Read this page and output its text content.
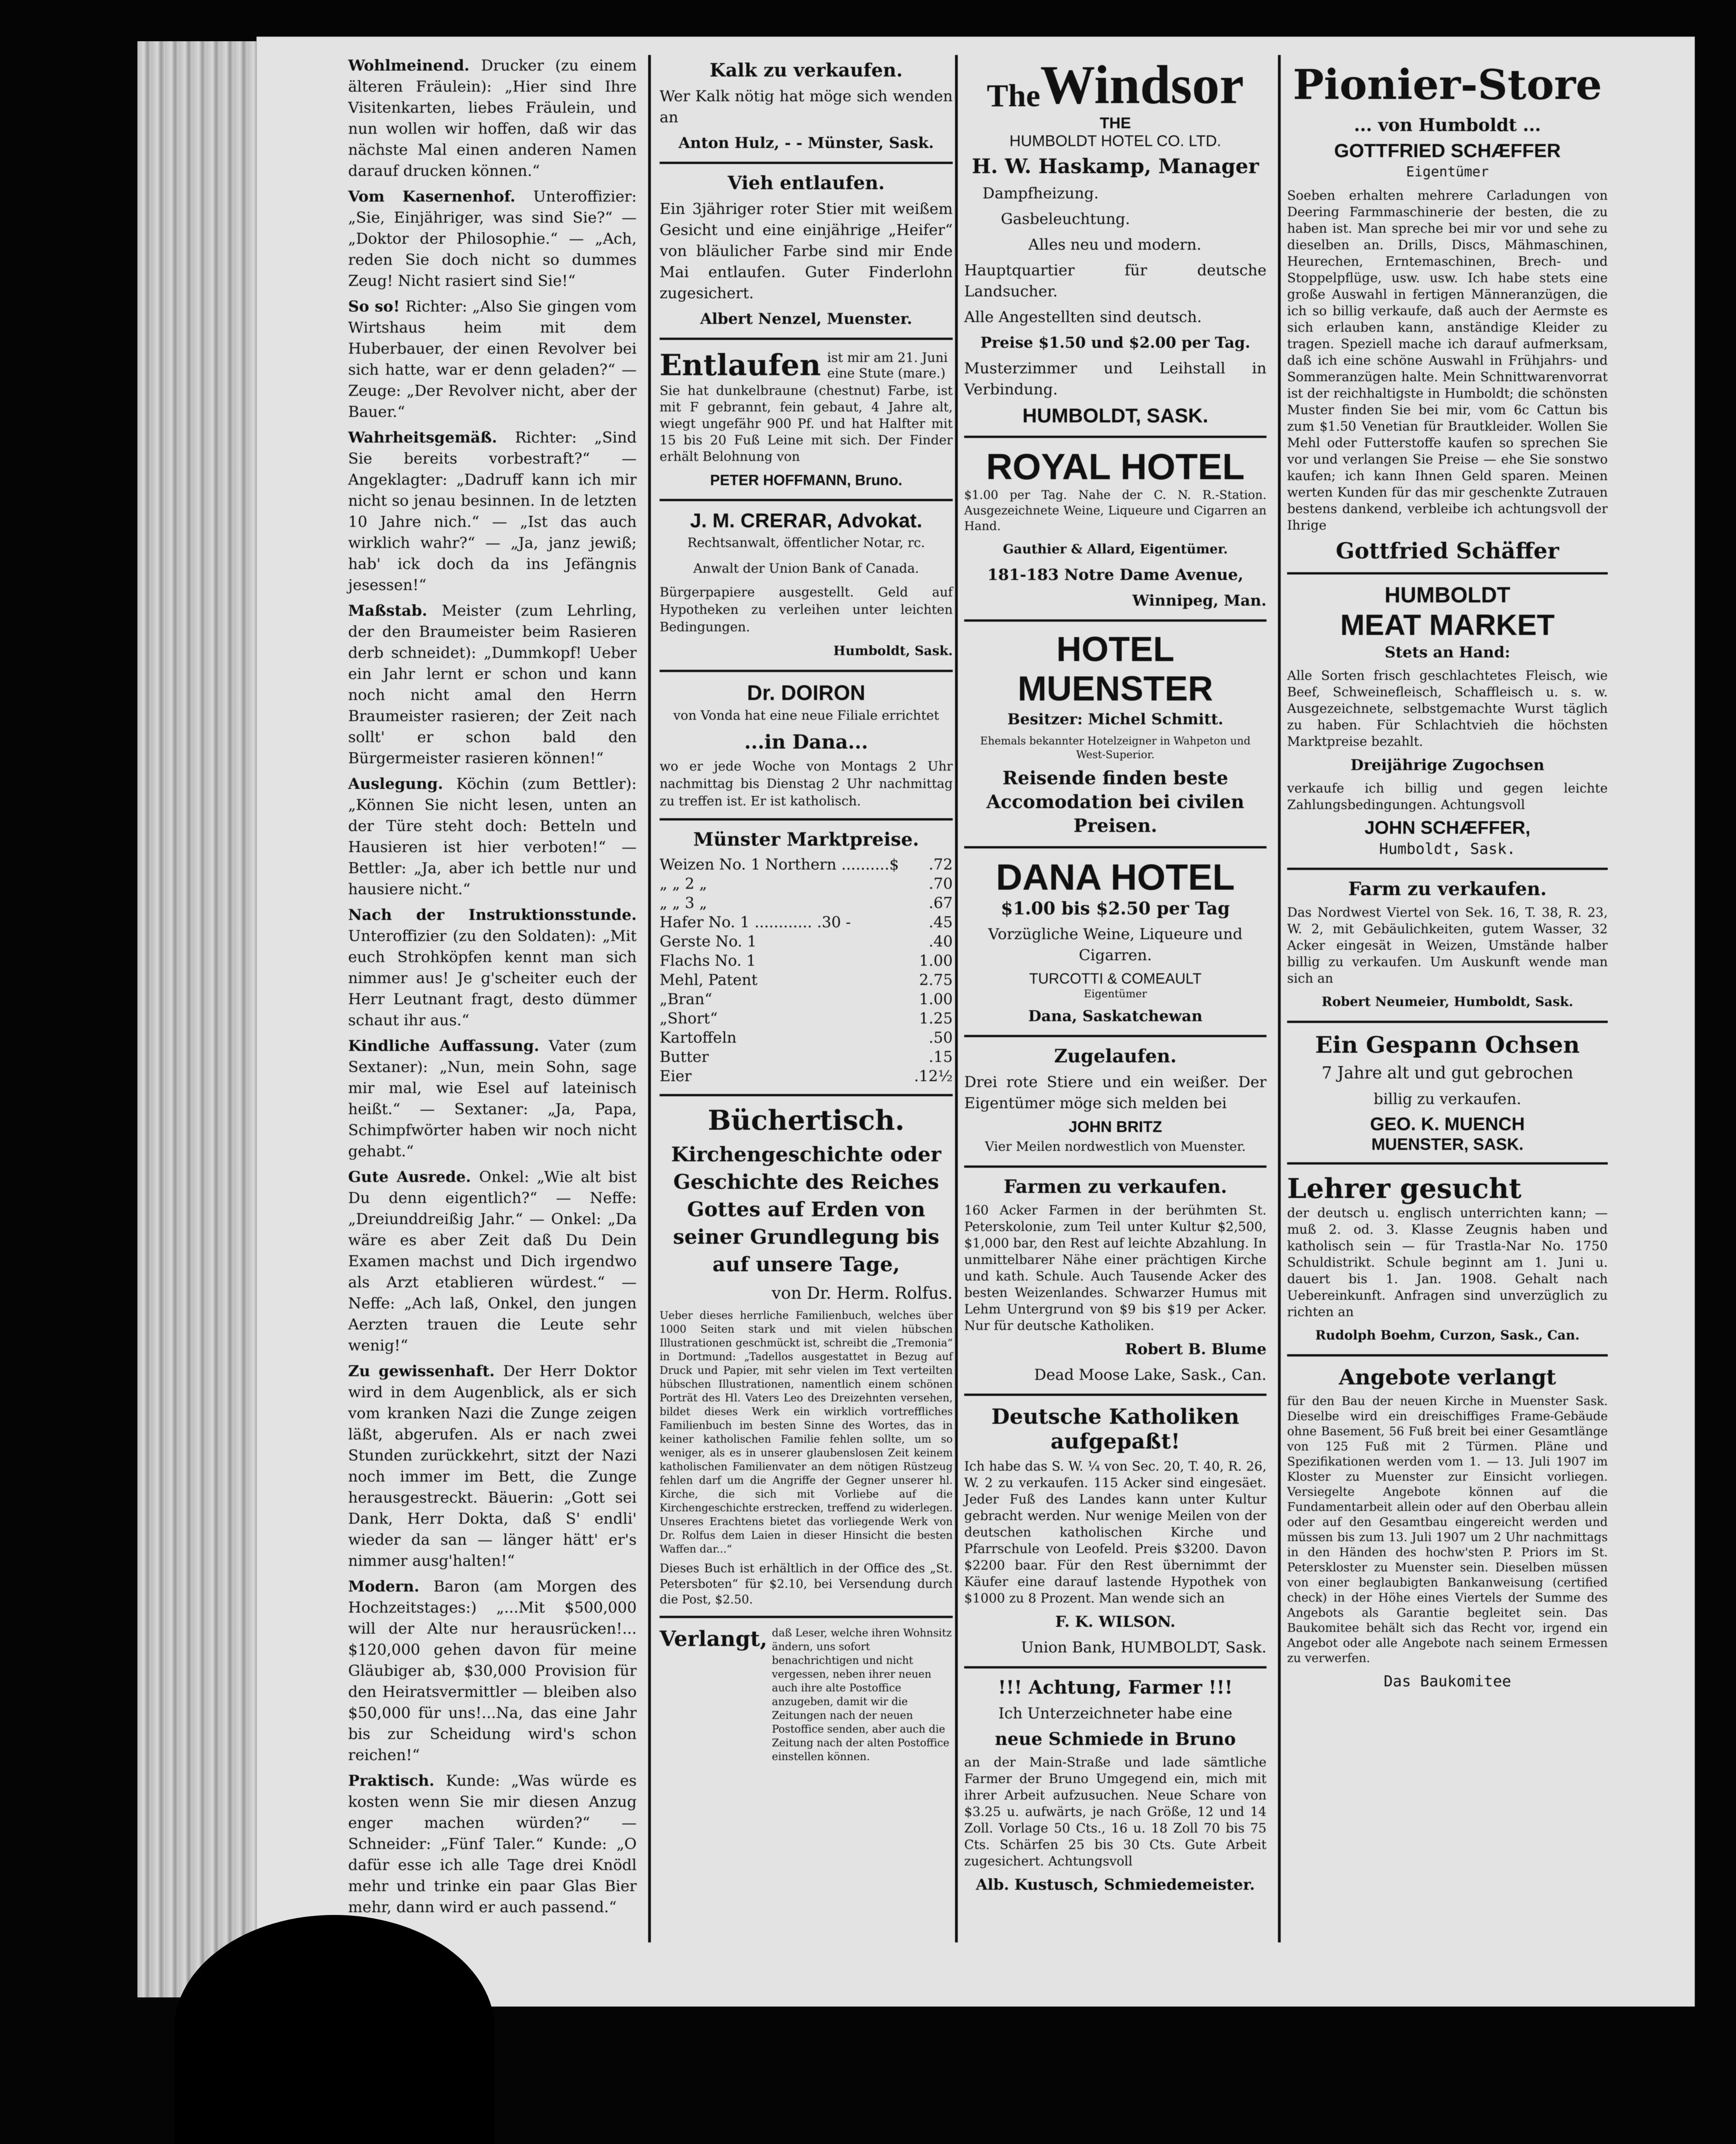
Wohlmeinend. Drucker (zu einem älteren Fräulein): „Hier sind Ihre Visitenkarten, liebes Fräulein, und nun wollen wir hoffen, daß wir das nächste Mal einen anderen Namen darauf drucken können.“

Vom Kasernenhof. Unteroffizier: „Sie, Einjähriger, was sind Sie?“ — „Doktor der Philosophie.“ — „Ach, reden Sie doch nicht so dummes Zeug! Nicht rasiert sind Sie!“

So so! Richter: „Also Sie gingen vom Wirtshaus heim mit dem Huberbauer, der einen Revolver bei sich hatte, war er denn geladen?“ — Zeuge: „Der Revolver nicht, aber der Bauer.“

Wahrheitsgemäß. Richter: „Sind Sie bereits vorbestraft?“ — Angeklagter: „Dadruff kann ich mir nicht so jenau besinnen. In de letzten 10 Jahre nich.“ — „Ist das auch wirklich wahr?“ — „Ja, janz jewiß; hab' ick doch da ins Jefängnis jesessen!“

Maßstab. Meister (zum Lehrling, der den Braumeister beim Rasieren derb schneidet): „Dummkopf! Ueber ein Jahr lernt er schon und kann noch nicht amal den Herrn Braumeister rasieren; der Zeit nach sollt' er schon bald den Bürgermeister rasieren können!“

Auslegung. Köchin (zum Bettler): „Können Sie nicht lesen, unten an der Türe steht doch: Betteln und Hausieren ist hier verboten!“ — Bettler: „Ja, aber ich bettle nur und hausiere nicht.“

Nach der Instruktionsstunde. Unteroffizier (zu den Soldaten): „Mit euch Strohköpfen kennt man sich nimmer aus! Je g'scheiter euch der Herr Leutnant fragt, desto dümmer schaut ihr aus.“

Kindliche Auffassung. Vater (zum Sextaner): „Nun, mein Sohn, sage mir mal, wie Esel auf lateinisch heißt.“ — Sextaner: „Ja, Papa, Schimpfwörter haben wir noch nicht gehabt.“

Gute Ausrede. Onkel: „Wie alt bist Du denn eigentlich?“ — Neffe: „Dreiunddreißig Jahr.“ — Onkel: „Da wäre es aber Zeit daß Du Dein Examen machst und Dich irgendwo als Arzt etablieren würdest.“ — Neffe: „Ach laß, Onkel, den jungen Aerzten trauen die Leute sehr wenig!“

Zu gewissenhaft. Der Herr Doktor wird in dem Augenblick, als er sich vom kranken Nazi die Zunge zeigen läßt, abgerufen. Als er nach zwei Stunden zurückkehrt, sitzt der Nazi noch immer im Bett, die Zunge herausgestreckt. Bäuerin: „Gott sei Dank, Herr Dokta, daß S' endli' wieder da san — länger hätt' er's nimmer ausg'halten!“

Modern. Baron (am Morgen des Hochzeitstages:) „...Mit $500,000 will der Alte nur herausrücken!... $120,000 gehen davon für meine Gläubiger ab, $30,000 Provision für den Heiratsvermittler — bleiben also $50,000 für uns!...Na, das eine Jahr bis zur Scheidung wird's schon reichen!“

Praktisch. Kunde: „Was würde es kosten wenn Sie mir diesen Anzug enger machen würden?“ — Schneider: „Fünf Taler.“ Kunde: „O dafür esse ich alle Tage drei Knödl mehr und trinke ein paar Glas Bier mehr, dann wird er auch passend.“

Kalk zu verkaufen.

Wer Kalk nötig hat möge sich wenden an

Anton Hulz, - - Münster, Sask.

Vieh entlaufen.

Ein 3jähriger roter Stier mit weißem Gesicht und eine einjährige „Heifer“ von bläulicher Farbe sind mir Ende Mai entlaufen. Guter Finderlohn zugesichert.

Albert Nenzel, Muenster.

Entlaufen ist mir am 21. Juni eine Stute (mare.)

Sie hat dunkelbraune (chestnut) Farbe, ist mit F gebrannt, fein gebaut, 4 Jahre alt, wiegt ungefähr 900 Pf. und hat Halfter mit 15 bis 20 Fuß Leine mit sich. Der Finder erhält Belohnung von

PETER HOFFMANN, Bruno.

J. M. CRERAR, Advokat.

Rechtsanwalt, öffentlicher Notar, rc.

Anwalt der Union Bank of Canada.

Bürgerpapiere ausgestellt. Geld auf Hypotheken zu verleihen unter leichten Bedingungen.

Humboldt, Sask.

Dr. DOIRON

von Vonda hat eine neue Filiale errichtet

...in Dana...

wo er jede Woche von Montags 2 Uhr nachmittag bis Dienstag 2 Uhr nachmittag zu treffen ist. Er ist katholisch.

Münster Marktpreise.
Weizen No. 1 Northern ..........$ .72
„ „ 2 „	.70
„ „ 3 „	.67
Hafer No. 1 ............ .30 -	.45
Gerste No. 1	.40
Flachs No. 1	1.00
Mehl, Patent	2.75
„Bran“	1.00
„Short“	1.25
Kartoffeln	.50
Butter	.15
Eier	.12½
Büchertisch.

Kirchengeschichte oder Geschichte des Reiches Gottes auf Erden von seiner Grundlegung bis auf unsere Tage,

von Dr. Herm. Rolfus.

Ueber dieses herrliche Familienbuch, welches über 1000 Seiten stark und mit vielen hübschen Illustrationen geschmückt ist, schreibt die „Tremonia“ in Dortmund: „Tadellos ausgestattet in Bezug auf Druck und Papier, mit sehr vielen im Text verteilten hübschen Illustrationen, namentlich einem schönen Porträt des Hl. Vaters Leo des Dreizehnten versehen, bildet dieses Werk ein wirklich vortreffliches Familienbuch im besten Sinne des Wortes, das in keiner katholischen Familie fehlen sollte, um so weniger, als es in unserer glaubenslosen Zeit keinem katholischen Familienvater an dem nötigen Rüstzeug fehlen darf um die Angriffe der Gegner unserer hl. Kirche, die sich mit Vorliebe auf die Kirchengeschichte erstrecken, treffend zu widerlegen. Unseres Erachtens bietet das vorliegende Werk von Dr. Rolfus dem Laien in dieser Hinsicht die besten Waffen dar...“

Dieses Buch ist erhältlich in der Office des „St. Petersboten“ für $2.10, bei Versendung durch die Post, $2.50.

Verlangt, daß Leser, welche ihren Wohnsitz ändern, uns sofort benachrichtigen und nicht vergessen, neben ihrer neuen auch ihre alte Postoffice anzugeben, damit wir die Zeitungen nach der neuen Postoffice senden, aber auch die Zeitung nach der alten Postoffice einstellen können.
The Windsor
THE
HUMBOLDT HOTEL CO. LTD.
H. W. Haskamp, Manager

Dampfheizung.

Gasbeleuchtung.

Alles neu und modern.

Hauptquartier für deutsche Landsucher.

Alle Angestellten sind deutsch.

Preise $1.50 und $2.00 per Tag.

Musterzimmer und Leihstall in Verbindung.

HUMBOLDT, SASK.
ROYAL HOTEL

$1.00 per Tag. Nahe der C. N. R.-Station. Ausgezeichnete Weine, Liqueure und Cigarren an Hand.

Gauthier & Allard, Eigentümer.

181-183 Notre Dame Avenue,

Winnipeg, Man.

HOTEL MUENSTER

Besitzer: Michel Schmitt.

Ehemals bekannter Hotelzeigner in Wahpeton und West-Superior.

Reisende finden beste Accomodation bei civilen Preisen.

DANA HOTEL

$1.00 bis $2.50 per Tag

Vorzügliche Weine, Liqueure und Cigarren.

TURCOTTI & COMEAULT

Eigentümer

Dana, Saskatchewan

Zugelaufen.

Drei rote Stiere und ein weißer. Der Eigentümer möge sich melden bei

JOHN BRITZ

Vier Meilen nordwestlich von Muenster.

Farmen zu verkaufen.

160 Acker Farmen in der berühmten St. Peterskolonie, zum Teil unter Kultur $2,500, $1,000 bar, den Rest auf leichte Abzahlung. In unmittelbarer Nähe einer prächtigen Kirche und kath. Schule. Auch Tausende Acker des besten Weizenlandes. Schwarzer Humus mit Lehm Untergrund von $9 bis $19 per Acker. Nur für deutsche Katholiken.

Robert B. Blume

Dead Moose Lake, Sask., Can.

Deutsche Katholiken aufgepaßt!

Ich habe das S. W. ¼ von Sec. 20, T. 40, R. 26, W. 2 zu verkaufen. 115 Acker sind eingesäet. Jeder Fuß des Landes kann unter Kultur gebracht werden. Nur wenige Meilen von der deutschen katholischen Kirche und Pfarrschule von Leofeld. Preis $3200. Davon $2200 baar. Für den Rest übernimmt der Käufer eine darauf lastende Hypothek von $1000 zu 8 Prozent. Man wende sich an

F. K. WILSON.

Union Bank, HUMBOLDT, Sask.

!!! Achtung, Farmer !!!

Ich Unterzeichneter habe eine

neue Schmiede in Bruno

an der Main-Straße und lade sämtliche Farmer der Bruno Umgegend ein, mich mit ihrer Arbeit aufzusuchen. Neue Schare von $3.25 u. aufwärts, je nach Größe, 12 und 14 Zoll. Vorlage 50 Cts., 16 u. 18 Zoll 70 bis 75 Cts. Schärfen 25 bis 30 Cts. Gute Arbeit zugesichert. Achtungsvoll

Alb. Kustusch, Schmiedemeister.

Pionier-Store
... von Humboldt ...
GOTTFRIED SCHÆFFER

Eigentümer

Soeben erhalten mehrere Carladungen von Deering Farmmaschinerie der besten, die zu haben ist. Man spreche bei mir vor und sehe zu dieselben an. Drills, Discs, Mähmaschinen, Heurechen, Erntemaschinen, Brech- und Stoppelpflüge, usw. usw. Ich habe stets eine große Auswahl in fertigen Männeranzügen, die ich so billig verkaufe, daß auch der Aermste es sich erlauben kann, anständige Kleider zu tragen. Speziell mache ich darauf aufmerksam, daß ich eine schöne Auswahl in Frühjahrs- und Sommeranzügen halte. Mein Schnittwarenvorrat ist der reichhaltigste in Humboldt; die schönsten Muster finden Sie bei mir, vom 6c Cattun bis zum $1.50 Venetian für Brautkleider. Wollen Sie Mehl oder Futterstoffe kaufen so sprechen Sie vor und verlangen Sie Preise — ehe Sie sonstwo kaufen; ich kann Ihnen Geld sparen. Meinen werten Kunden für das mir geschenkte Zutrauen bestens dankend, verbleibe ich achtungsvoll der Ihrige

Gottfried Schäffer
HUMBOLDT
MEAT MARKET

Stets an Hand:

Alle Sorten frisch geschlachtetes Fleisch, wie Beef, Schweinefleisch, Schaffleisch u. s. w. Ausgezeichnete, selbstgemachte Wurst täglich zu haben. Für Schlachtvieh die höchsten Marktpreise bezahlt.

Dreijährige Zugochsen

verkaufe ich billig und gegen leichte Zahlungsbedingungen. Achtungsvoll

JOHN SCHÆFFER,

Humboldt, Sask.

Farm zu verkaufen.

Das Nordwest Viertel von Sek. 16, T. 38, R. 23, W. 2, mit Gebäulichkeiten, gutem Wasser, 32 Acker eingesät in Weizen, Umstände halber billig zu verkaufen. Um Auskunft wende man sich an

Robert Neumeier, Humboldt, Sask.

Ein Gespann Ochsen

7 Jahre alt und gut gebrochen

billig zu verkaufen.

GEO. K. MUENCH
MUENSTER, SASK.
Lehrer gesucht

der deutsch u. englisch unterrichten kann; — muß 2. od. 3. Klasse Zeugnis haben und katholisch sein — für Trastla-Nar No. 1750 Schuldistrikt. Schule beginnt am 1. Juni u. dauert bis 1. Jan. 1908. Gehalt nach Uebereinkunft. Anfragen sind unverzüglich zu richten an

Rudolph Boehm, Curzon, Sask., Can.

Angebote verlangt

für den Bau der neuen Kirche in Muenster Sask. Dieselbe wird ein dreischiffiges Frame-Gebäude ohne Basement, 56 Fuß breit bei einer Gesamtlänge von 125 Fuß mit 2 Türmen. Pläne und Spezifikationen werden vom 1. — 13. Juli 1907 im Kloster zu Muenster zur Einsicht vorliegen. Versiegelte Angebote können auf die Fundamentarbeit allein oder auf den Oberbau allein oder auf den Gesamtbau eingereicht werden und müssen bis zum 13. Juli 1907 um 2 Uhr nachmittags in den Händen des hochw'sten P. Priors im St. Peterskloster zu Muenster sein. Dieselben müssen von einer beglaubigten Bankanweisung (certified check) in der Höhe eines Viertels der Summe des Angebots als Garantie begleitet sein. Das Baukomitee behält sich das Recht vor, irgend ein Angebot oder alle Angebote nach seinem Ermessen zu verwerfen.

Das Baukomitee
